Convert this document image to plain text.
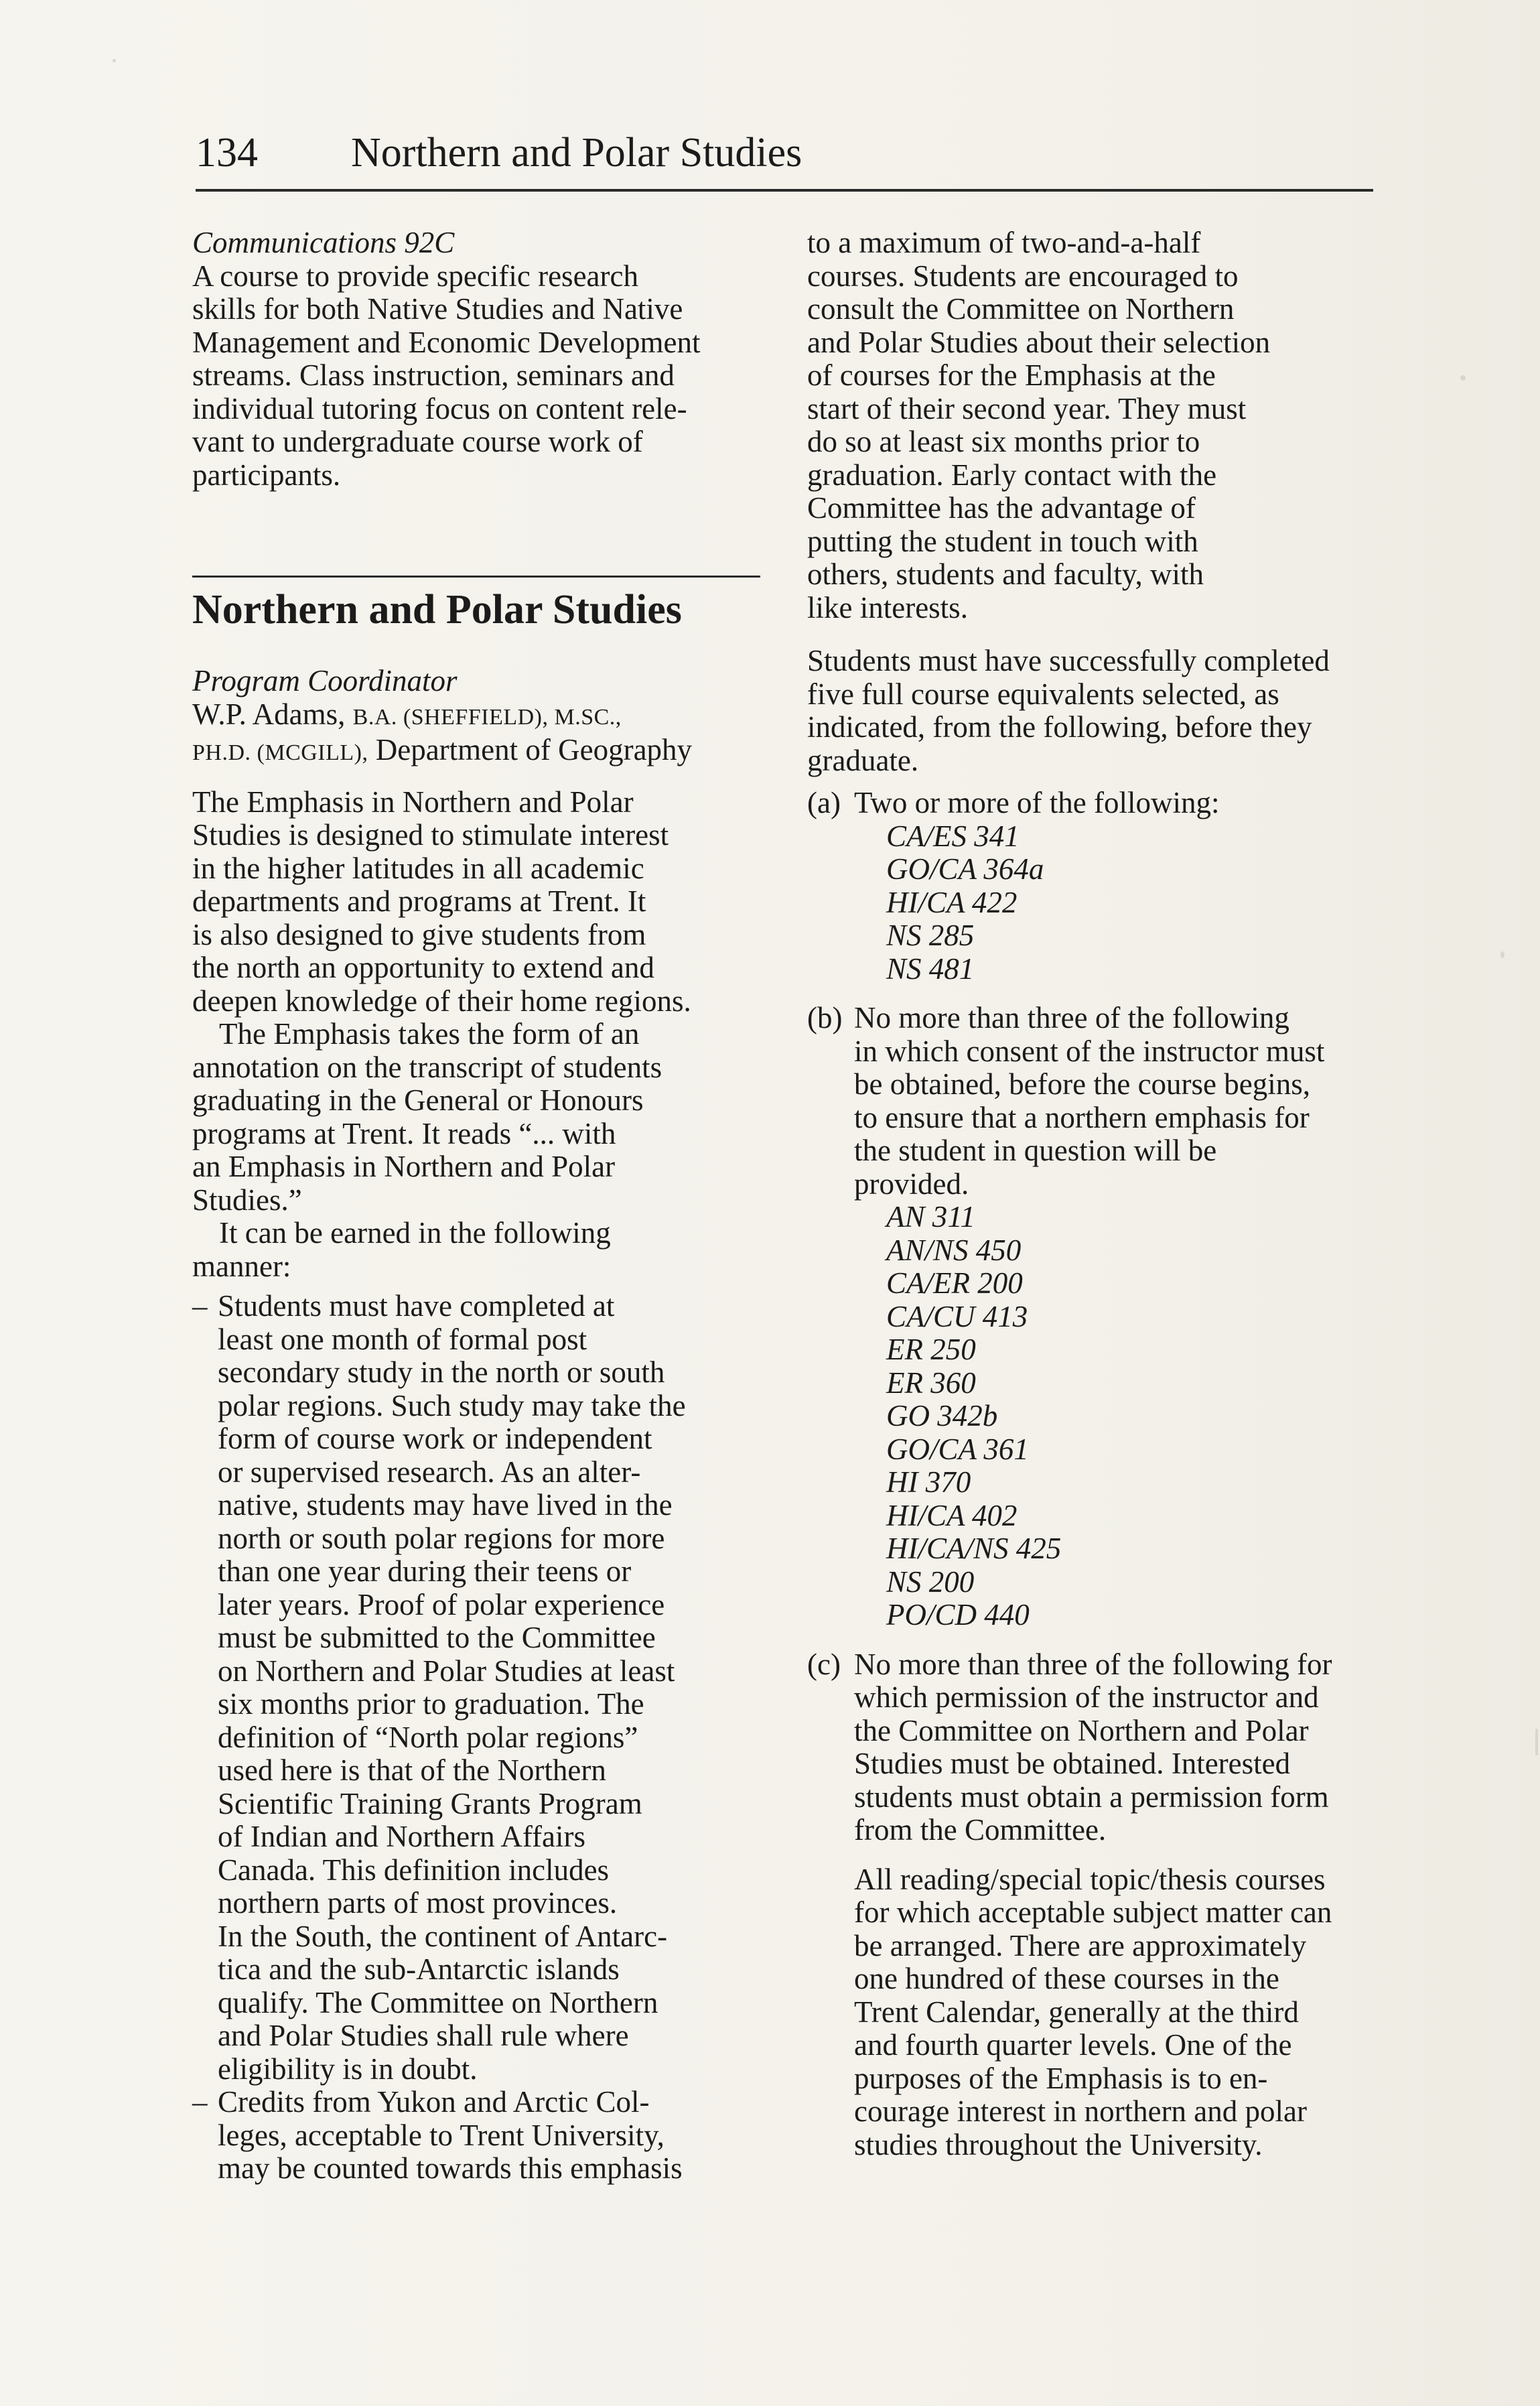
134 Northern and Polar Studies
Communications 92C
A course to provide specific research
skills for both Native Studies and Native
Management and Economic Development
streams. Class instruction, seminars and
individual tutoring focus on content rele-
vant to undergraduate course work of
participants.
Northern and Polar Studies
Program Coordinator
W.P. Adams, B.A. (SHEFFIELD), M.SC.,
PH.D. (MCGILL), Department of Geography
The Emphasis in Northern and Polar
Studies is designed to stimulate interest
in the higher latitudes in all academic
departments and programs at Trent. It
is also designed to give students from
the north an opportunity to extend and
deepen knowledge of their home regions.
The Emphasis takes the form of an
annotation on the transcript of students
graduating in the General or Honours
programs at Trent. It reads “... with
an Emphasis in Northern and Polar
Studies.”
It can be earned in the following
manner:
– Students must have completed at
least one month of formal post
secondary study in the north or south
polar regions. Such study may take the
form of course work or independent
or supervised research. As an alter-
native, students may have lived in the
north or south polar regions for more
than one year during their teens or
later years. Proof of polar experience
must be submitted to the Committee
on Northern and Polar Studies at least
six months prior to graduation. The
definition of “North polar regions”
used here is that of the Northern
Scientific Training Grants Program
of Indian and Northern Affairs
Canada. This definition includes
northern parts of most provinces.
In the South, the continent of Antarc-
tica and the sub-Antarctic islands
qualify. The Committee on Northern
and Polar Studies shall rule where
eligibility is in doubt.
– Credits from Yukon and Arctic Col-
leges, acceptable to Trent University,
may be counted towards this emphasis
to a maximum of two-and-a-half
courses. Students are encouraged to
consult the Committee on Northern
and Polar Studies about their selection
of courses for the Emphasis at the
start of their second year. They must
do so at least six months prior to
graduation. Early contact with the
Committee has the advantage of
putting the student in touch with
others, students and faculty, with
like interests.
Students must have successfully completed
five full course equivalents selected, as
indicated, from the following, before they
graduate.
(a) Two or more of the following:
CA/ES 341
GO/CA 364a
HI/CA 422
NS 285
NS 481
(b) No more than three of the following
in which consent of the instructor must
be obtained, before the course begins,
to ensure that a northern emphasis for
the student in question will be
provided.
AN 311
AN/NS 450
CA/ER 200
CA/CU 413
ER 250
ER 360
GO 342b
GO/CA 361
HI 370
HI/CA 402
HI/CA/NS 425
NS 200
PO/CD 440
(c) No more than three of the following for
which permission of the instructor and
the Committee on Northern and Polar
Studies must be obtained. Interested
students must obtain a permission form
from the Committee.
All reading/special topic/thesis courses
for which acceptable subject matter can
be arranged. There are approximately
one hundred of these courses in the
Trent Calendar, generally at the third
and fourth quarter levels. One of the
purposes of the Emphasis is to en-
courage interest in northern and polar
studies throughout the University.
